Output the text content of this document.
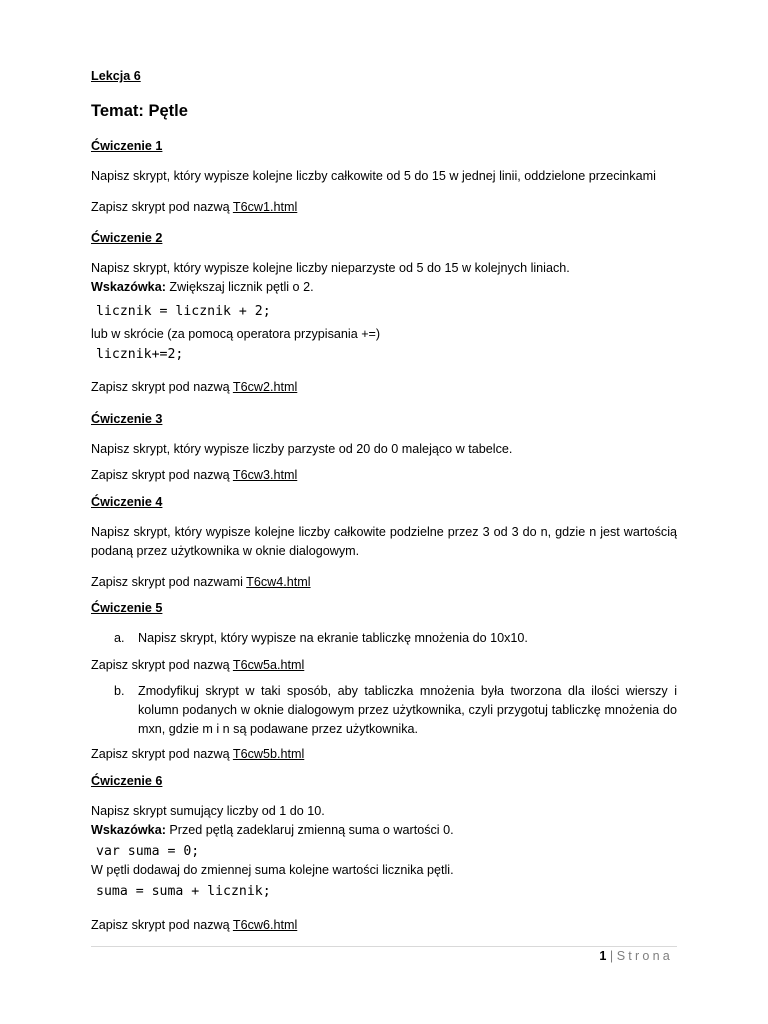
Lekcja 6
Temat: Pętle
Ćwiczenie 1
Napisz skrypt, który wypisze kolejne liczby całkowite od 5 do 15 w jednej linii, oddzielone przecinkami
Zapisz skrypt pod nazwą T6cw1.html
Ćwiczenie 2
Napisz skrypt, który wypisze kolejne liczby nieparzyste od 5 do 15 w kolejnych liniach.
Wskazówka: Zwiększaj licznik pętli o 2.
licznik = licznik + 2;
lub w skrócie (za pomocą operatora przypisania +=)
licznik+=2;
Zapisz skrypt pod nazwą T6cw2.html
Ćwiczenie 3
Napisz skrypt, który wypisze liczby parzyste od 20 do 0 malejąco w tabelce.
Zapisz skrypt pod nazwą T6cw3.html
Ćwiczenie 4
Napisz skrypt, który wypisze kolejne liczby całkowite podzielne przez 3 od 3 do n, gdzie n jest wartością podaną przez użytkownika w oknie dialogowym.
Zapisz skrypt pod nazwami T6cw4.html
Ćwiczenie 5
a. Napisz skrypt, który wypisze na ekranie tabliczkę mnożenia do 10x10.
Zapisz skrypt pod nazwą T6cw5a.html
b. Zmodyfikuj skrypt w taki sposób, aby tabliczka mnożenia była tworzona dla ilości wierszy i kolumn podanych w oknie dialogowym przez użytkownika, czyli przygotuj tabliczkę mnożenia do mxn, gdzie m i n są podawane przez użytkownika.
Zapisz skrypt pod nazwą T6cw5b.html
Ćwiczenie 6
Napisz skrypt sumujący liczby od 1 do 10.
Wskazówka: Przed pętlą zadeklaruj zmienną suma o wartości 0.
var suma = 0;
W pętli dodawaj do zmiennej suma kolejne wartości licznika pętli.
suma = suma + licznik;
Zapisz skrypt pod nazwą T6cw6.html
1 | Strona
